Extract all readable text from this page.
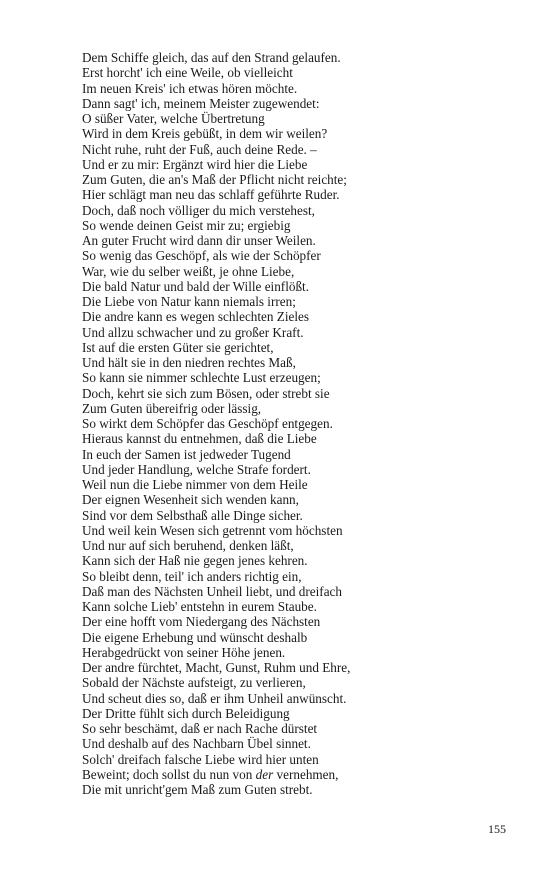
Dem Schiffe gleich, das auf den Strand gelaufen.
Erst horcht' ich eine Weile, ob vielleicht
Im neuen Kreis' ich etwas hören möchte.
Dann sagt' ich, meinem Meister zugewendet:
O süßer Vater, welche Übertretung
Wird in dem Kreis gebüßt, in dem wir weilen?
Nicht ruhe, ruht der Fuß, auch deine Rede. –
Und er zu mir: Ergänzt wird hier die Liebe
Zum Guten, die an's Maß der Pflicht nicht reichte;
Hier schlägt man neu das schlaff geführte Ruder.
Doch, daß noch völliger du mich verstehest,
So wende deinen Geist mir zu; ergiebig
An guter Frucht wird dann dir unser Weilen.
So wenig das Geschöpf, als wie der Schöpfer
War, wie du selber weißt, je ohne Liebe,
Die bald Natur und bald der Wille einflößt.
Die Liebe von Natur kann niemals irren;
Die andre kann es wegen schlechten Zieles
Und allzu schwacher und zu großer Kraft.
Ist auf die ersten Güter sie gerichtet,
Und hält sie in den niedren rechtes Maß,
So kann sie nimmer schlechte Lust erzeugen;
Doch, kehrt sie sich zum Bösen, oder strebt sie
Zum Guten übereifrig oder lässig,
So wirkt dem Schöpfer das Geschöpf entgegen.
Hieraus kannst du entnehmen, daß die Liebe
In euch der Samen ist jedweder Tugend
Und jeder Handlung, welche Strafe fordert.
Weil nun die Liebe nimmer von dem Heile
Der eignen Wesenheit sich wenden kann,
Sind vor dem Selbsthaß alle Dinge sicher.
Und weil kein Wesen sich getrennt vom höchsten
Und nur auf sich beruhend, denken läßt,
Kann sich der Haß nie gegen jenes kehren.
So bleibt denn, teil' ich anders richtig ein,
Daß man des Nächsten Unheil liebt, und dreifach
Kann solche Lieb' entstehn in eurem Staube.
Der eine hofft vom Niedergang des Nächsten
Die eigene Erhebung und wünscht deshalb
Herabgedrückt von seiner Höhe jenen.
Der andre fürchtet, Macht, Gunst, Ruhm und Ehre,
Sobald der Nächste aufsteigt, zu verlieren,
Und scheut dies so, daß er ihm Unheil anwünscht.
Der Dritte fühlt sich durch Beleidigung
So sehr beschämt, daß er nach Rache dürstet
Und deshalb auf des Nachbarn Übel sinnet.
Solch' dreifach falsche Liebe wird hier unten
Beweint; doch sollst du nun von der vernehmen,
Die mit unricht'gem Maß zum Guten strebt.
155
